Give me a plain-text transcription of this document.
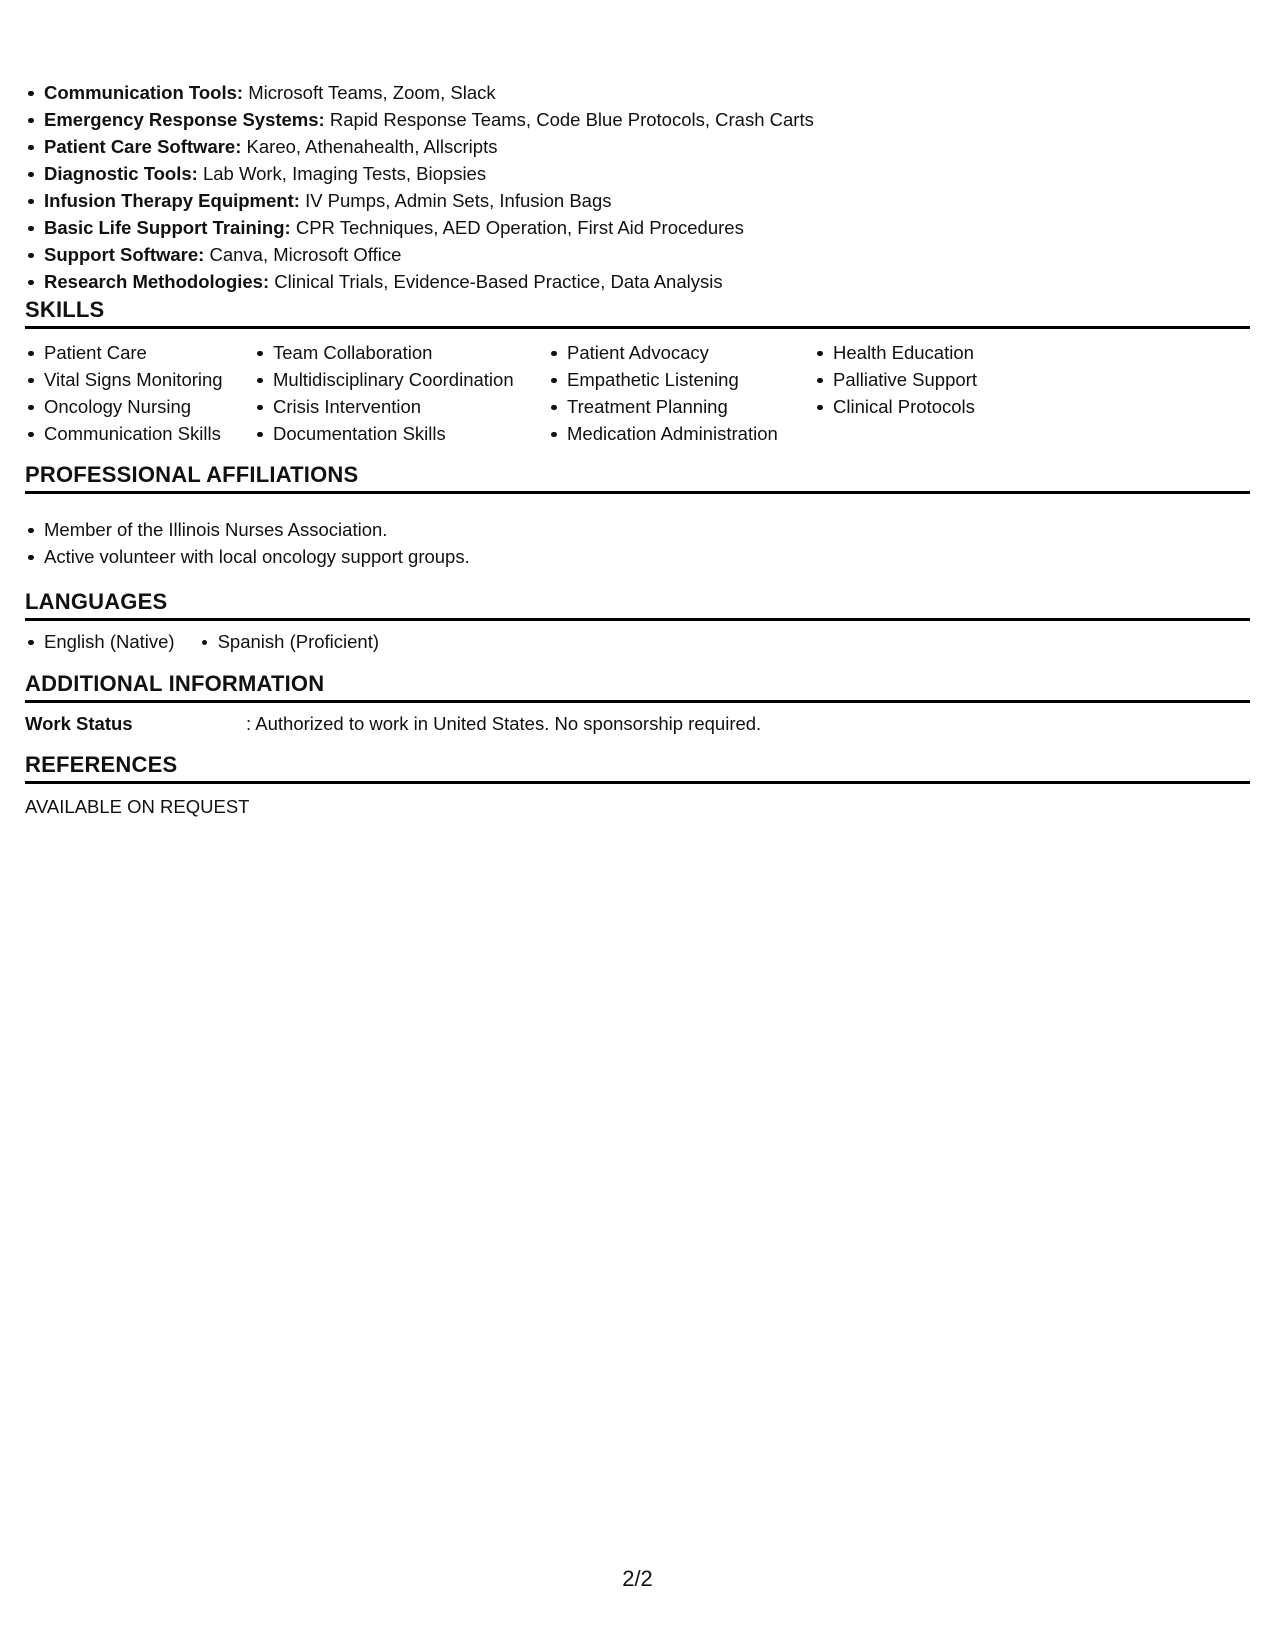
Communication Tools: Microsoft Teams, Zoom, Slack
Emergency Response Systems: Rapid Response Teams, Code Blue Protocols, Crash Carts
Patient Care Software: Kareo, Athenahealth, Allscripts
Diagnostic Tools: Lab Work, Imaging Tests, Biopsies
Infusion Therapy Equipment: IV Pumps, Admin Sets, Infusion Bags
Basic Life Support Training: CPR Techniques, AED Operation, First Aid Procedures
Support Software: Canva, Microsoft Office
Research Methodologies: Clinical Trials, Evidence-Based Practice, Data Analysis
SKILLS
Patient Care
Vital Signs Monitoring
Oncology Nursing
Communication Skills
Team Collaboration
Multidisciplinary Coordination
Crisis Intervention
Documentation Skills
Patient Advocacy
Empathetic Listening
Treatment Planning
Medication Administration
Health Education
Palliative Support
Clinical Protocols
PROFESSIONAL AFFILIATIONS
Member of the Illinois Nurses Association.
Active volunteer with local oncology support groups.
LANGUAGES
English (Native)	Spanish (Proficient)
ADDITIONAL INFORMATION
Work Status	: Authorized to work in United States. No sponsorship required.
REFERENCES
AVAILABLE ON REQUEST
2/2
